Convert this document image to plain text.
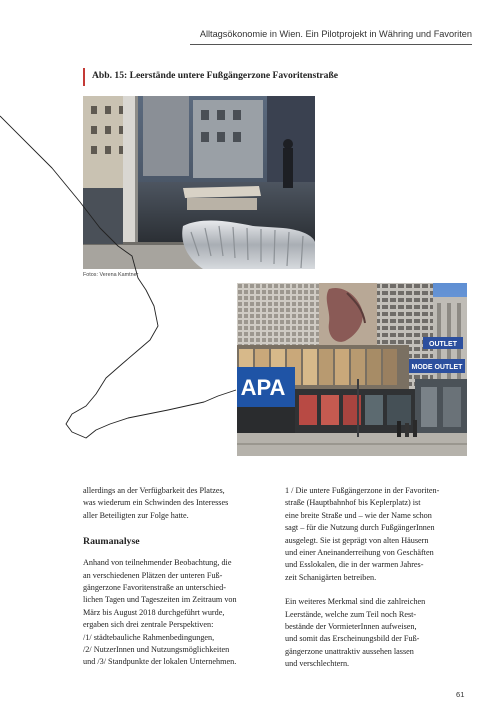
Alltagsökonomie in Wien. Ein Pilotprojekt in Währing und Favoriten
Abb. 15: Leerstände untere Fußgängerzone Favoritenstraße
Fotos: Verena Kamtner
OUTLET
MODE OUTLET
APA

allerdings an der Verfügbarkeit des Platzes,
was wiederum ein Schwinden des Interesses
aller Beteiligten zur Folge hatte.

Raumanalyse

Anhand von teilnehmender Beobachtung, die
an verschiedenen Plätzen der unteren Fuß-
gängerzone Favoritenstraße an unterschied-
lichen Tagen und Tageszeiten im Zeitraum von
März bis August 2018 durchgeführt wurde,
ergaben sich drei zentrale Perspektiven:
/1/ städtebauliche Rahmenbedingungen,
/2/ NutzerInnen und Nutzungsmöglichkeiten
und /3/ Standpunkte der lokalen Unternehmen.

1 / Die untere Fußgängerzone in der Favoriten-
straße (Hauptbahnhof bis Keplerplatz) ist
eine breite Straße und – wie der Name schon
sagt – für die Nutzung durch FußgängerInnen
ausgelegt. Sie ist geprägt von alten Häusern
und einer Aneinanderreihung von Geschäften
und Esslokalen, die in der warmen Jahres-
zeit Schanigärten betreiben.

Ein weiteres Merkmal sind die zahlreichen
Leerstände, welche zum Teil noch Rest-
bestände der VormieterInnen aufweisen,
und somit das Erscheinungsbild der Fuß-
gängerzone unattraktiv aussehen lassen
und verschlechtern.

61
